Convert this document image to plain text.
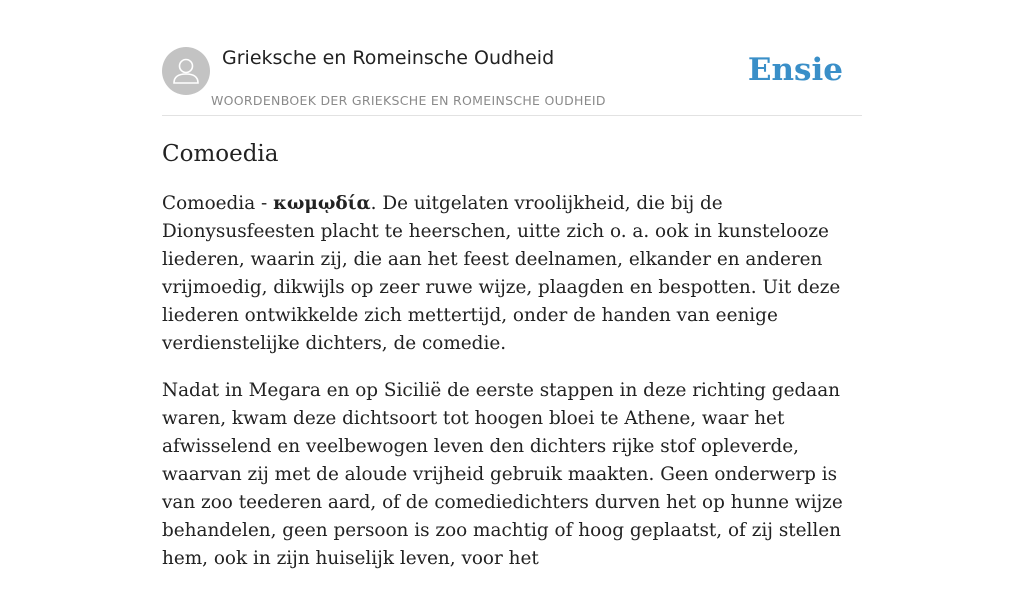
Grieksche en Romeinsche Oudheid
WOORDENBOEK DER GRIEKSCHE EN ROMEINSCHE OUDHEID
Ensie
Comoedia

Comoedia - κωμῳδία. De uitgelaten vroolijkheid, die bij de Dionysusfeesten placht te heerschen, uitte zich o. a. ook in kunstelooze liederen, waarin zij, die aan het feest deelnamen, elkander en anderen vrijmoedig, dikwijls op zeer ruwe wijze, plaagden en bespotten. Uit deze liederen ontwikkelde zich mettertijd, onder de handen van eenige verdienstelijke dichters, de comedie.

Nadat in Megara en op Sicilië de eerste stappen in deze richting gedaan waren, kwam deze dichtsoort tot hoogen bloei te Athene, waar het afwisselend en veelbewogen leven den dichters rijke stof opleverde, waarvan zij met de aloude vrijheid gebruik maakten. Geen onderwerp is van zoo teederen aard, of de comediedichters durven het op hunne wijze behandelen, geen persoon is zoo machtig of hoog geplaatst, of zij stellen hem, ook in zijn huiselijk leven, voor het
